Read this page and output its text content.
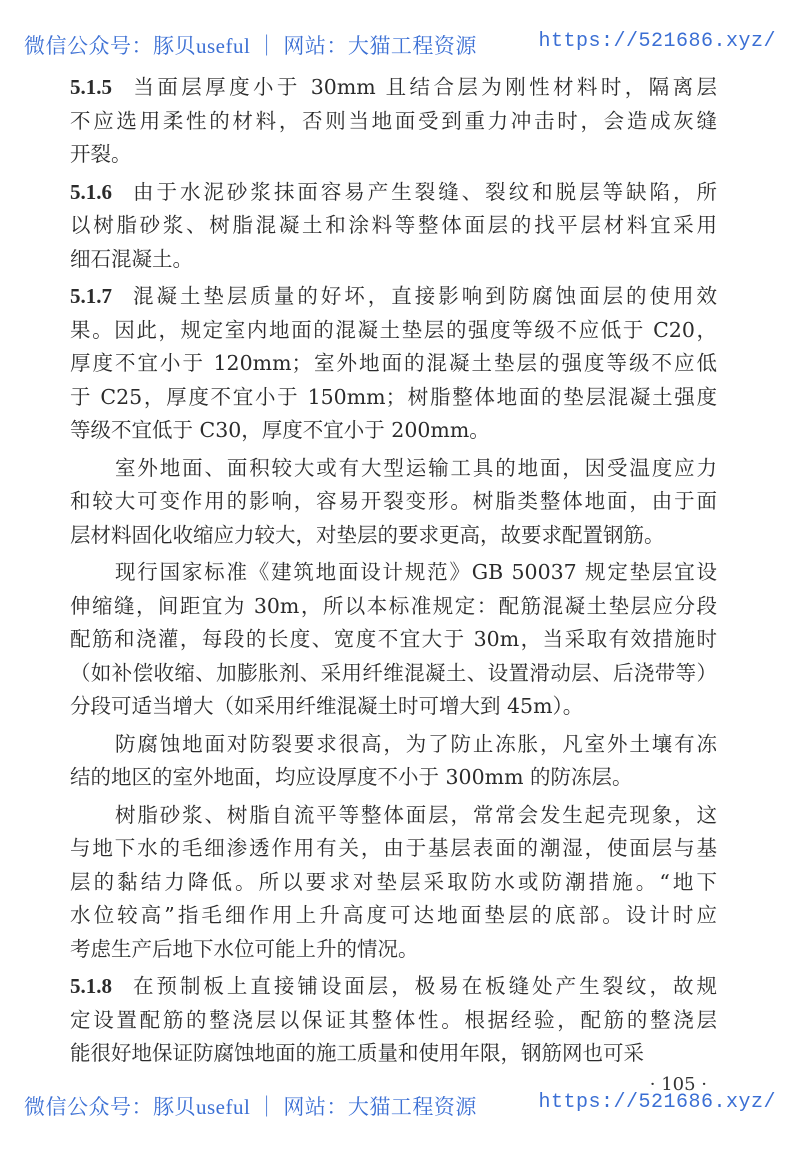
微信公众号：豚贝useful ｜ 网站：大猫工程资源	https://521686.xyz/
5.1.5 当面层厚度小于 30mm 且结合层为刚性材料时，隔离层
不应选用柔性的材料，否则当地面受到重力冲击时，会造成灰缝
开裂。
5.1.6 由于水泥砂浆抹面容易产生裂缝、裂纹和脱层等缺陷，所
以树脂砂浆、树脂混凝土和涂料等整体面层的找平层材料宜采用
细石混凝土。
5.1.7 混凝土垫层质量的好坏，直接影响到防腐蚀面层的使用效
果。因此，规定室内地面的混凝土垫层的强度等级不应低于 C20，
厚度不宜小于 120mm；室外地面的混凝土垫层的强度等级不应低
于 C25，厚度不宜小于 150mm；树脂整体地面的垫层混凝土强度
等级不宜低于 C30，厚度不宜小于 200mm。
室外地面、面积较大或有大型运输工具的地面，因受温度应力
和较大可变作用的影响，容易开裂变形。树脂类整体地面，由于面
层材料固化收缩应力较大，对垫层的要求更高，故要求配置钢筋。
现行国家标准《建筑地面设计规范》GB 50037 规定垫层宜设
伸缩缝，间距宜为 30m，所以本标准规定：配筋混凝土垫层应分段
配筋和浇灌，每段的长度、宽度不宜大于 30m，当采取有效措施时
（如补偿收缩、加膨胀剂、采用纤维混凝土、设置滑动层、后浇带等）
分段可适当增大（如采用纤维混凝土时可增大到 45m）。
防腐蚀地面对防裂要求很高，为了防止冻胀，凡室外土壤有冻
结的地区的室外地面，均应设厚度不小于 300mm 的防冻层。
树脂砂浆、树脂自流平等整体面层，常常会发生起壳现象，这
与地下水的毛细渗透作用有关，由于基层表面的潮湿，使面层与基
层的黏结力降低。所以要求对垫层采取防水或防潮措施。“地下
水位较高”指毛细作用上升高度可达地面垫层的底部。设计时应
考虑生产后地下水位可能上升的情况。
5.1.8 在预制板上直接铺设面层，极易在板缝处产生裂纹，故规
定设置配筋的整浇层以保证其整体性。根据经验，配筋的整浇层
能很好地保证防腐蚀地面的施工质量和使用年限，钢筋网也可采
· 105 ·
微信公众号：豚贝useful ｜ 网站：大猫工程资源	https://521686.xyz/
